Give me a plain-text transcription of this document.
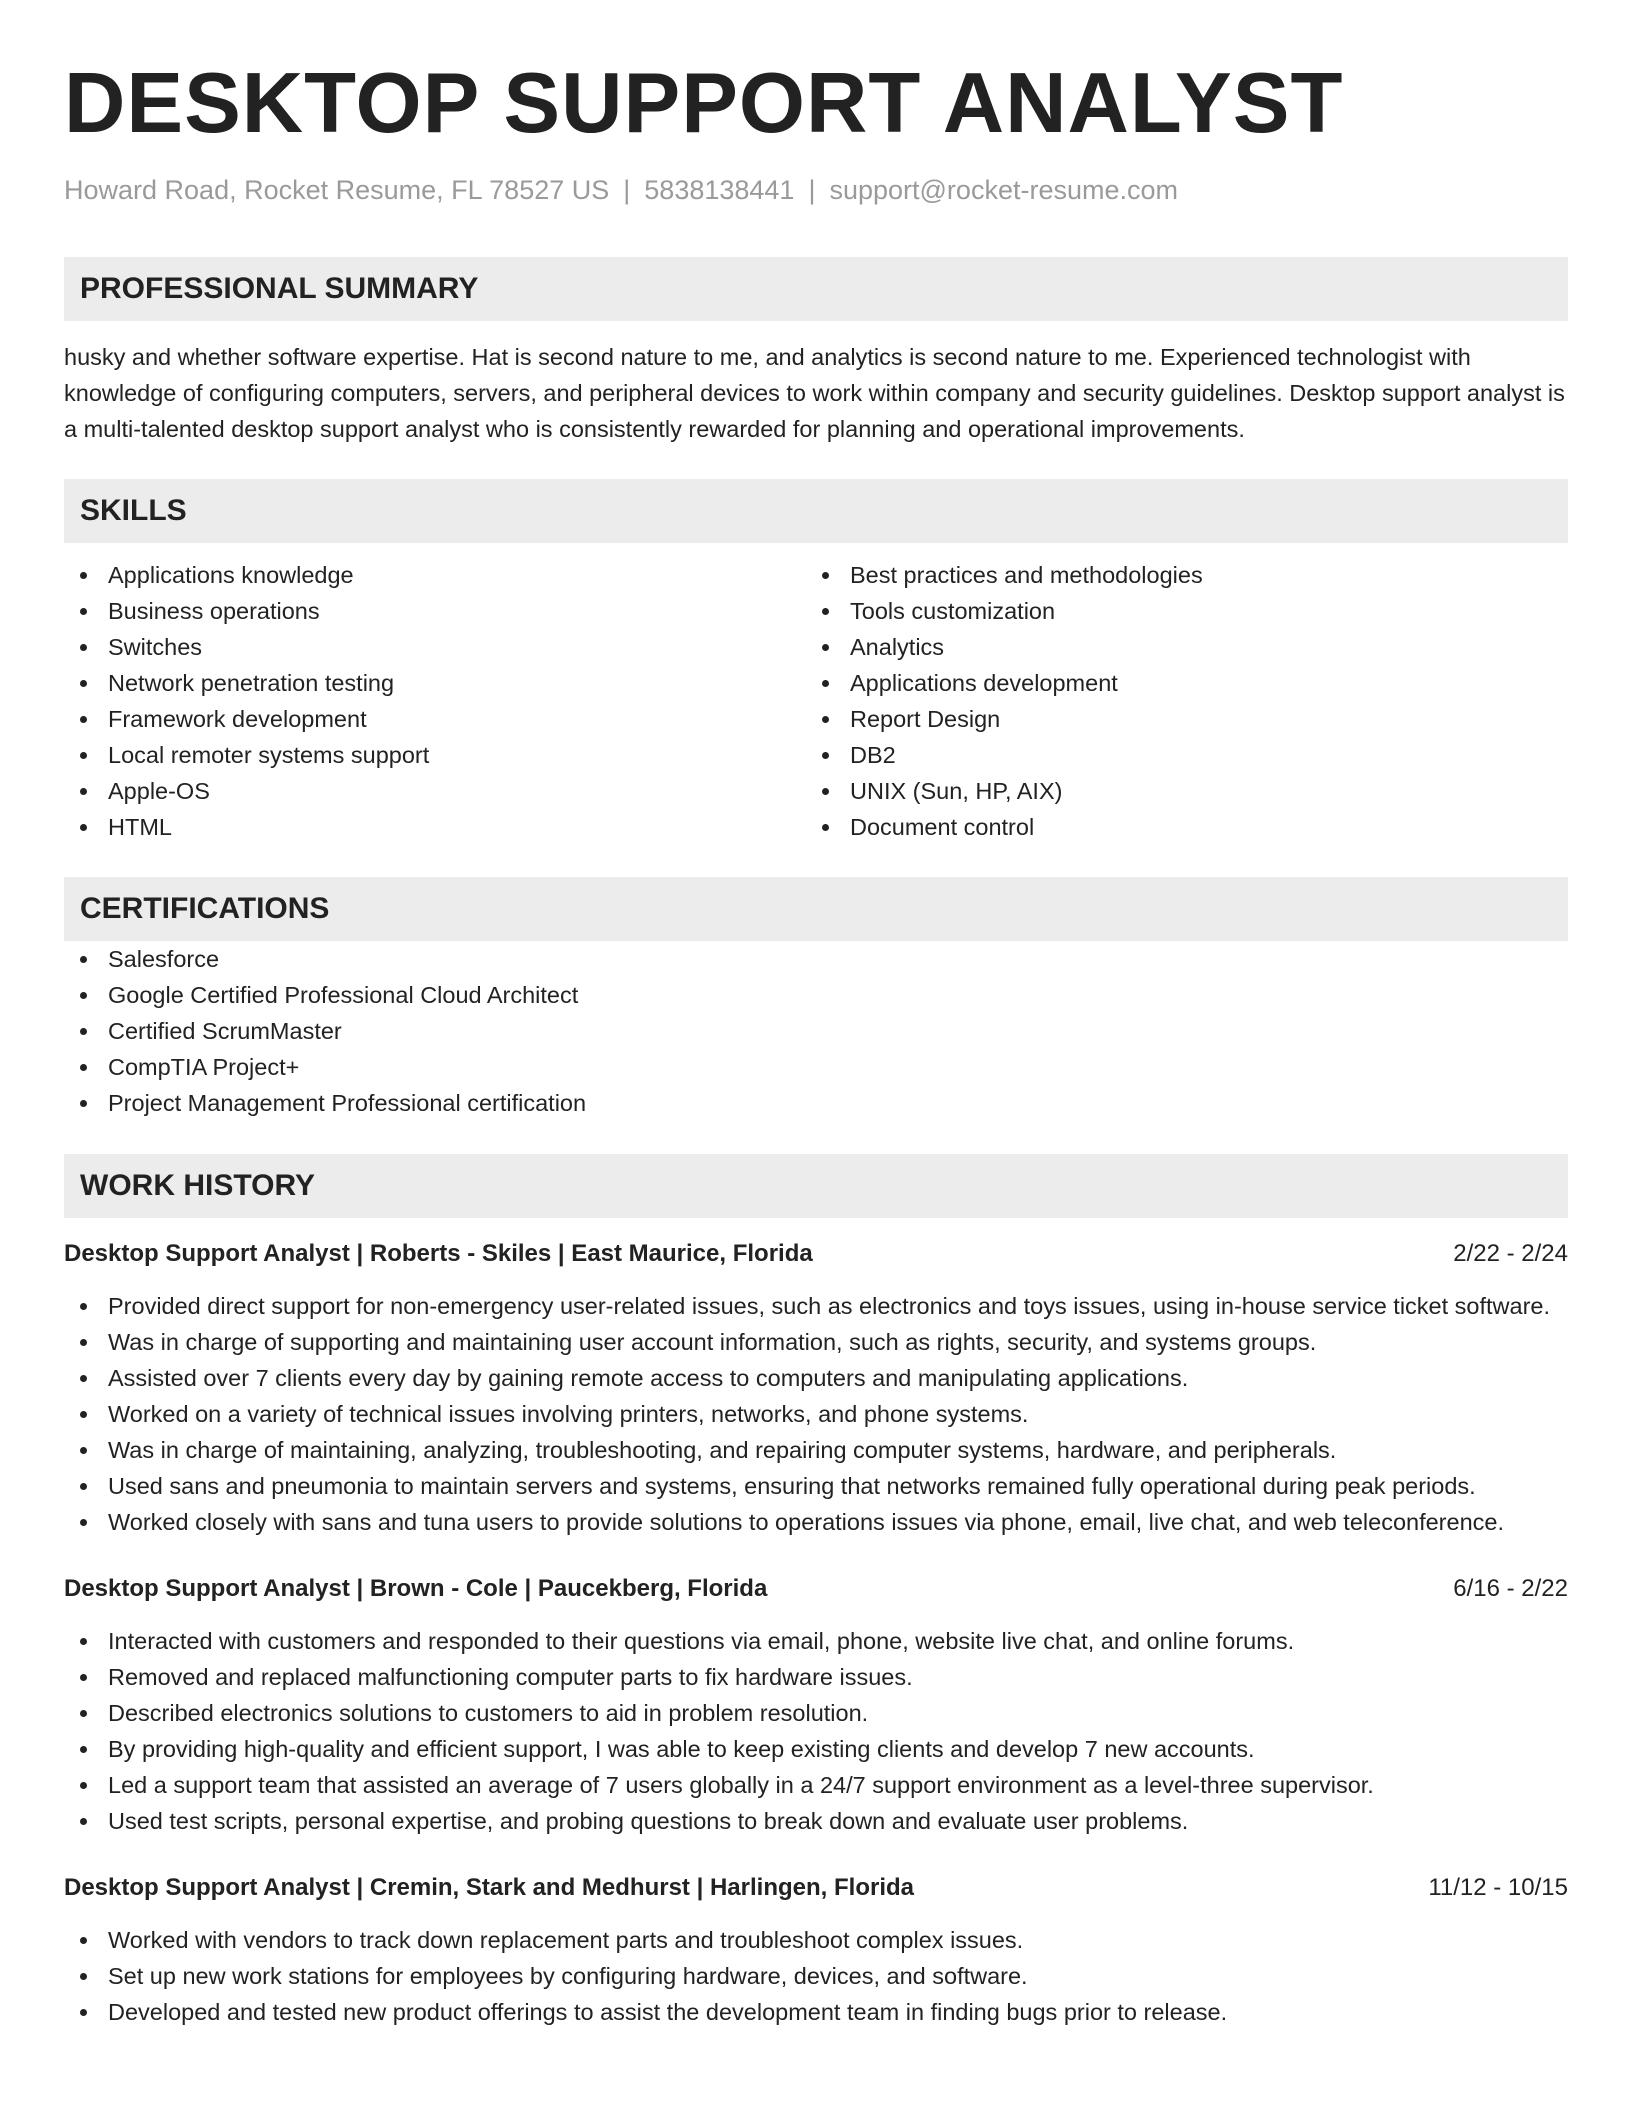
DESKTOP SUPPORT ANALYST
Howard Road, Rocket Resume, FL 78527 US | 5838138441 | support@rocket-resume.com
PROFESSIONAL SUMMARY

husky and whether software expertise. Hat is second nature to me, and analytics is second nature to me. Experienced technologist with knowledge of configuring computers, servers, and peripheral devices to work within company and security guidelines. Desktop support analyst is a multi-talented desktop support analyst who is consistently rewarded for planning and operational improvements.

SKILLS
Applications knowledge
Business operations
Switches
Network penetration testing
Framework development
Local remoter systems support
Apple-OS
HTML
Best practices and methodologies
Tools customization
Analytics
Applications development
Report Design
DB2
UNIX (Sun, HP, AIX)
Document control
CERTIFICATIONS
Salesforce
Google Certified Professional Cloud Architect
Certified ScrumMaster
CompTIA Project+
Project Management Professional certification
WORK HISTORY
Desktop Support Analyst | Roberts - Skiles | East Maurice, Florida	2/22 - 2/24
Provided direct support for non-emergency user-related issues, such as electronics and toys issues, using in-house service ticket software.
Was in charge of supporting and maintaining user account information, such as rights, security, and systems groups.
Assisted over 7 clients every day by gaining remote access to computers and manipulating applications.
Worked on a variety of technical issues involving printers, networks, and phone systems.
Was in charge of maintaining, analyzing, troubleshooting, and repairing computer systems, hardware, and peripherals.
Used sans and pneumonia to maintain servers and systems, ensuring that networks remained fully operational during peak periods.
Worked closely with sans and tuna users to provide solutions to operations issues via phone, email, live chat, and web teleconference.
Desktop Support Analyst | Brown - Cole | Paucekberg, Florida	6/16 - 2/22
Interacted with customers and responded to their questions via email, phone, website live chat, and online forums.
Removed and replaced malfunctioning computer parts to fix hardware issues.
Described electronics solutions to customers to aid in problem resolution.
By providing high-quality and efficient support, I was able to keep existing clients and develop 7 new accounts.
Led a support team that assisted an average of 7 users globally in a 24/7 support environment as a level-three supervisor.
Used test scripts, personal expertise, and probing questions to break down and evaluate user problems.
Desktop Support Analyst | Cremin, Stark and Medhurst | Harlingen, Florida	11/12 - 10/15
Worked with vendors to track down replacement parts and troubleshoot complex issues.
Set up new work stations for employees by configuring hardware, devices, and software.
Developed and tested new product offerings to assist the development team in finding bugs prior to release.
